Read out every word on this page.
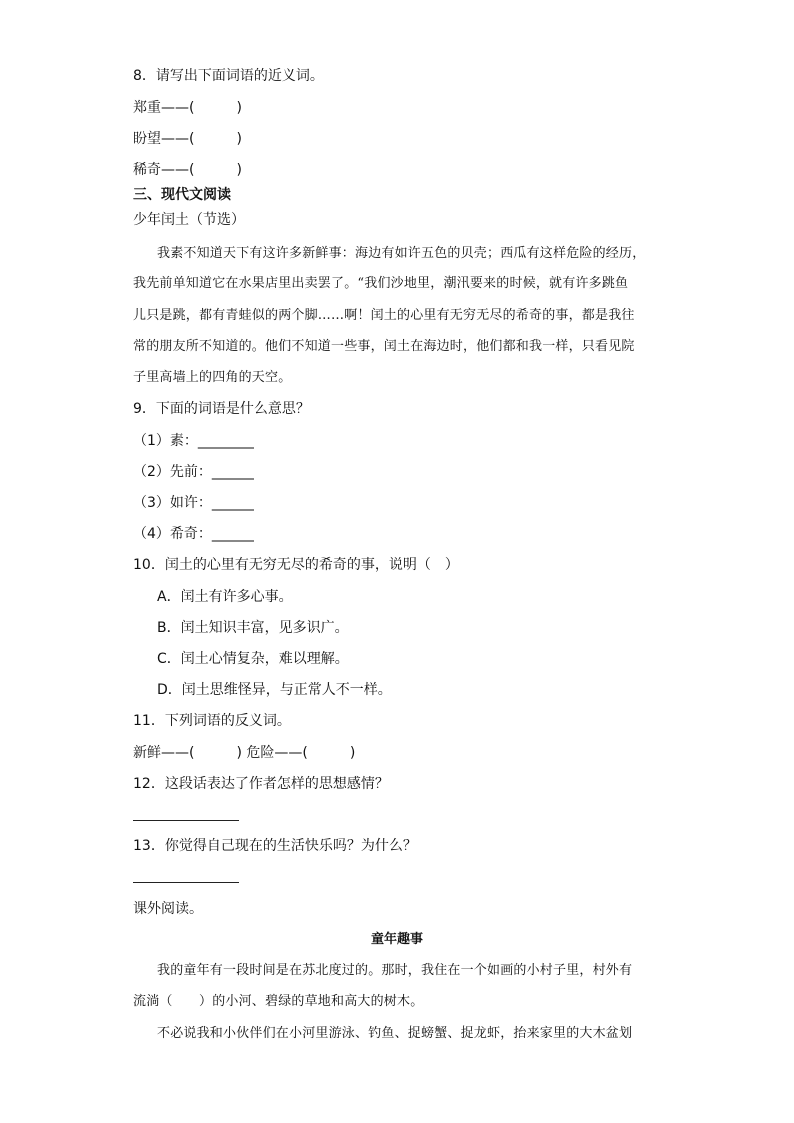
8．请写出下面词语的近义词。
郑重——(　　　)
盼望——(　　　)
稀奇——(　　　)
三、现代文阅读
少年闰土（节选）
我素不知道天下有这许多新鲜事：海边有如许五色的贝壳；西瓜有这样危险的经历，
我先前单知道它在水果店里出卖罢了。“我们沙地里，潮汛要来的时候，就有许多跳鱼
儿只是跳，都有青蛙似的两个脚……啊！闰土的心里有无穷无尽的希奇的事，都是我往
常的朋友所不知道的。他们不知道一些事，闰土在海边时，他们都和我一样，只看见院
子里高墙上的四角的天空。
9．下面的词语是什么意思？
（1）素：________
（2）先前：______
（3）如许：______
（4）希奇：______
10．闰土的心里有无穷无尽的希奇的事，说明（　）
A．闰土有许多心事。
B．闰土知识丰富，见多识广。
C．闰土心情复杂，难以理解。
D．闰土思维怪异，与正常人不一样。
11．下列词语的反义词。
新鲜——(　　　) 危险——(　　　)
12．这段话表达了作者怎样的思想感情？
13．你觉得自己现在的生活快乐吗？为什么？
课外阅读。
童年趣事
我的童年有一段时间是在苏北度过的。那时，我住在一个如画的小村子里，村外有
流淌（　　）的小河、碧绿的草地和高大的树木。
不必说我和小伙伴们在小河里游泳、钓鱼、捉螃蟹、捉龙虾，抬来家里的大木盆划
